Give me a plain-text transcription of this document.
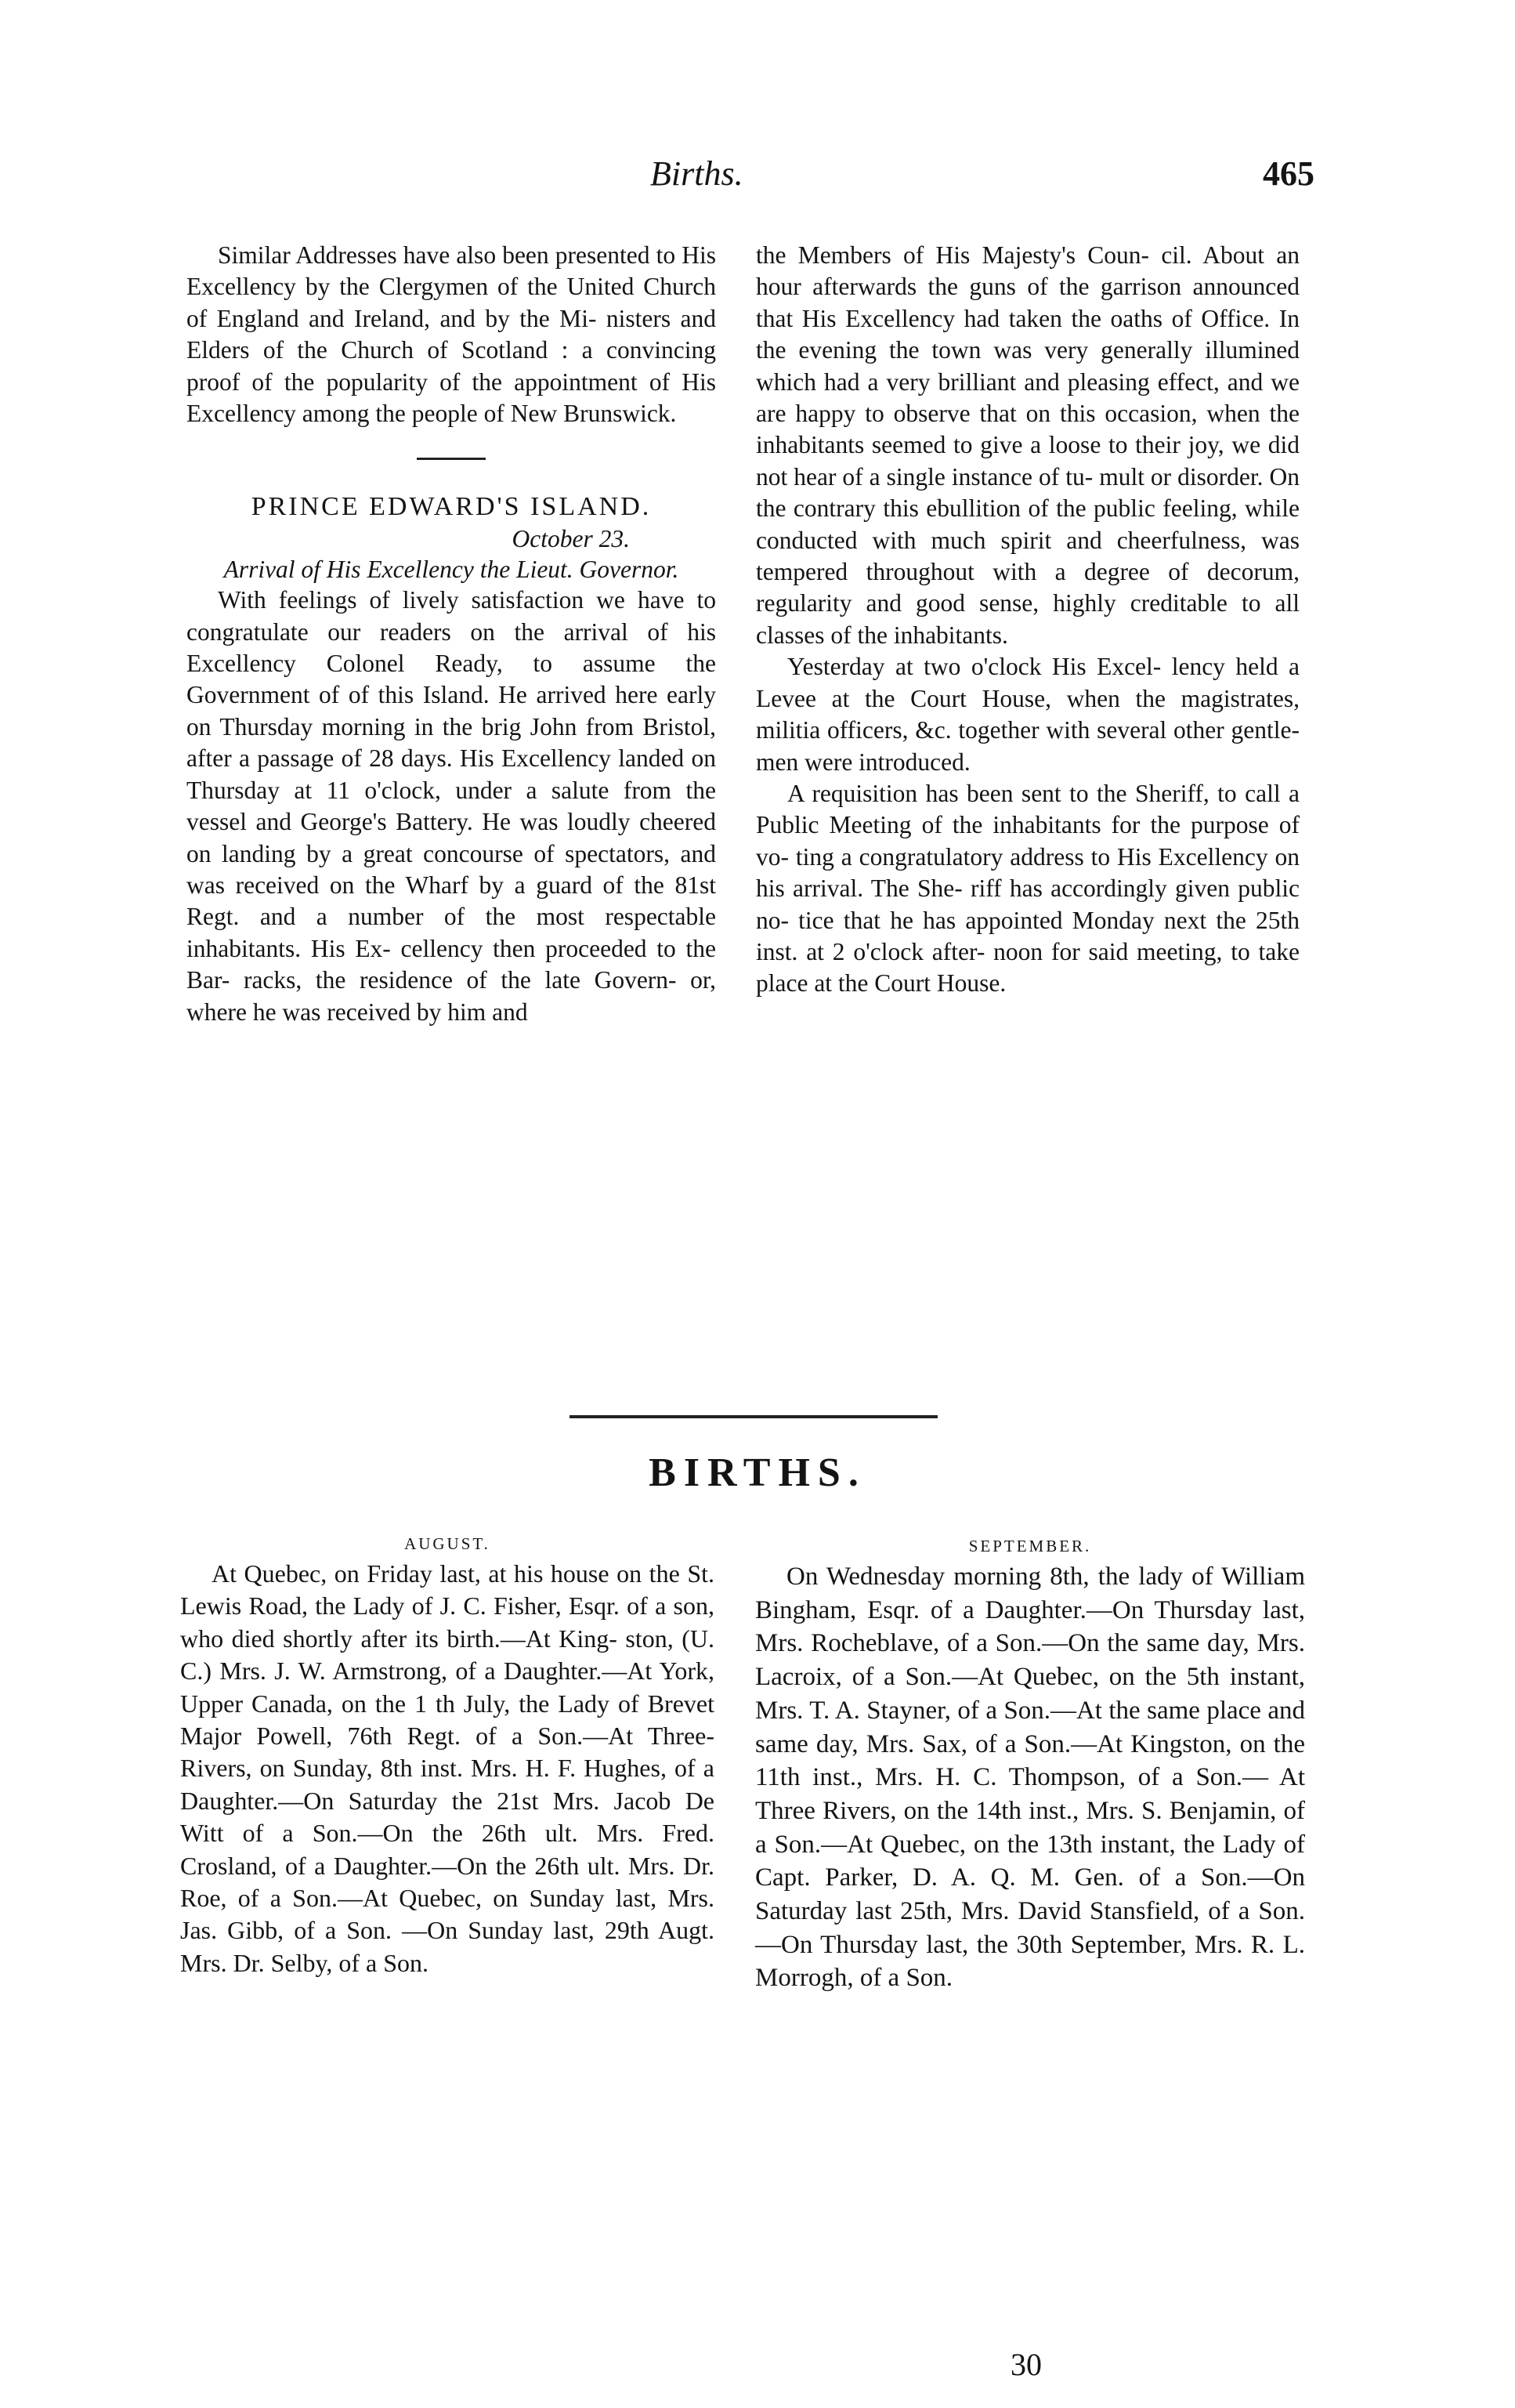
Births.	465

Similar Addresses have also been presented to His Excellency by the Clergymen of the United Church of England and Ireland, and by the Mi- nisters and Elders of the Church of Scotland : a convincing proof of the popularity of the appointment of His Excellency among the people of New Brunswick.

PRINCE EDWARD'S ISLAND.

October 23.

Arrival of His Excellency the Lieut. Governor.

With feelings of lively satisfaction we have to congratulate our readers on the arrival of his Excellency Colonel Ready, to assume the Government of of this Island. He arrived here early on Thursday morning in the brig John from Bristol, after a passage of 28 days. His Excellency landed on Thursday at 11 o'clock, under a salute from the vessel and George's Battery. He was loudly cheered on landing by a great concourse of spectators, and was received on the Wharf by a guard of the 81st Regt. and a number of the most respectable inhabitants. His Ex- cellency then proceeded to the Bar- racks, the residence of the late Govern- or, where he was received by him and

the Members of His Majesty's Coun- cil. About an hour afterwards the guns of the garrison announced that His Excellency had taken the oaths of Office. In the evening the town was very generally illumined which had a very brilliant and pleasing effect, and we are happy to observe that on this occasion, when the inhabitants seemed to give a loose to their joy, we did not hear of a single instance of tu- mult or disorder. On the contrary this ebullition of the public feeling, while conducted with much spirit and cheerfulness, was tempered throughout with a degree of decorum, regularity and good sense, highly creditable to all classes of the inhabitants.

Yesterday at two o'clock His Excel- lency held a Levee at the Court House, when the magistrates, militia officers, &c. together with several other gentle- men were introduced.

A requisition has been sent to the Sheriff, to call a Public Meeting of the inhabitants for the purpose of vo- ting a congratulatory address to His Excellency on his arrival. The She- riff has accordingly given public no- tice that he has appointed Monday next the 25th inst. at 2 o'clock after- noon for said meeting, to take place at the Court House.

BIRTHS.

AUGUST.

At Quebec, on Friday last, at his house on the St. Lewis Road, the Lady of J. C. Fisher, Esqr. of a son, who died shortly after its birth.—At King- ston, (U. C.) Mrs. J. W. Armstrong, of a Daughter.—At York, Upper Canada, on the 1 th July, the Lady of Brevet Major Powell, 76th Regt. of a Son.—At Three-Rivers, on Sunday, 8th inst. Mrs. H. F. Hughes, of a Daughter.—On Saturday the 21st Mrs. Jacob De Witt of a Son.—On the 26th ult. Mrs. Fred. Crosland, of a Daughter.—On the 26th ult. Mrs. Dr. Roe, of a Son.—At Quebec, on Sunday last, Mrs. Jas. Gibb, of a Son. —On Sunday last, 29th Augt. Mrs. Dr. Selby, of a Son.

SEPTEMBER.

On Wednesday morning 8th, the lady of William Bingham, Esqr. of a Daughter.—On Thursday last, Mrs. Rocheblave, of a Son.—On the same day, Mrs. Lacroix, of a Son.—At Quebec, on the 5th instant, Mrs. T. A. Stayner, of a Son.—At the same place and same day, Mrs. Sax, of a Son.—At Kingston, on the 11th inst., Mrs. H. C. Thompson, of a Son.— At Three Rivers, on the 14th inst., Mrs. S. Benjamin, of a Son.—At Quebec, on the 13th instant, the Lady of Capt. Parker, D. A. Q. M. Gen. of a Son.—On Saturday last 25th, Mrs. David Stansfield, of a Son.—On Thursday last, the 30th September, Mrs. R. L. Morrogh, of a Son.

30
